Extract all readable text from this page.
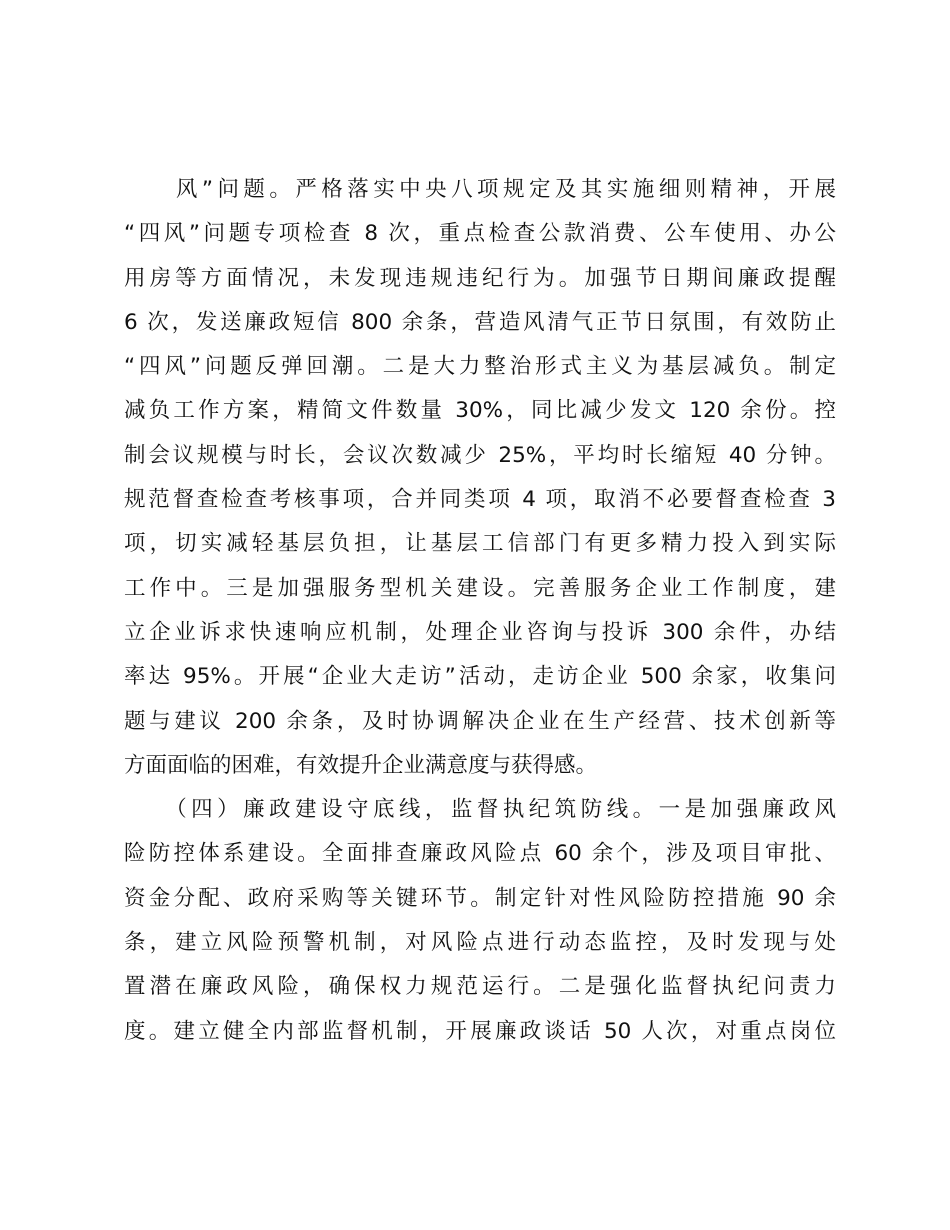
　　风”问题。严格落实中央八项规定及其实施细则精神，开展
“四风”问题专项检查 8 次，重点检查公款消费、公车使用、办公
用房等方面情况，未发现违规违纪行为。加强节日期间廉政提醒
6 次，发送廉政短信 800 余条，营造风清气正节日氛围，有效防止
“四风”问题反弹回潮。二是大力整治形式主义为基层减负。制定
减负工作方案，精简文件数量 30%，同比减少发文 120 余份。控
制会议规模与时长，会议次数减少 25%，平均时长缩短 40 分钟。
规范督查检查考核事项，合并同类项 4 项，取消不必要督查检查 3
项，切实减轻基层负担，让基层工信部门有更多精力投入到实际
工作中。三是加强服务型机关建设。完善服务企业工作制度，建
立企业诉求快速响应机制，处理企业咨询与投诉 300 余件，办结
率达 95%。开展“企业大走访”活动，走访企业 500 余家，收集问
题与建议 200 余条，及时协调解决企业在生产经营、技术创新等
方面面临的困难，有效提升企业满意度与获得感。
　　（四）廉政建设守底线，监督执纪筑防线。一是加强廉政风
险防控体系建设。全面排查廉政风险点 60 余个，涉及项目审批、
资金分配、政府采购等关键环节。制定针对性风险防控措施 90 余
条，建立风险预警机制，对风险点进行动态监控，及时发现与处
置潜在廉政风险，确保权力规范运行。二是强化监督执纪问责力
度。建立健全内部监督机制，开展廉政谈话 50 人次，对重点岗位
